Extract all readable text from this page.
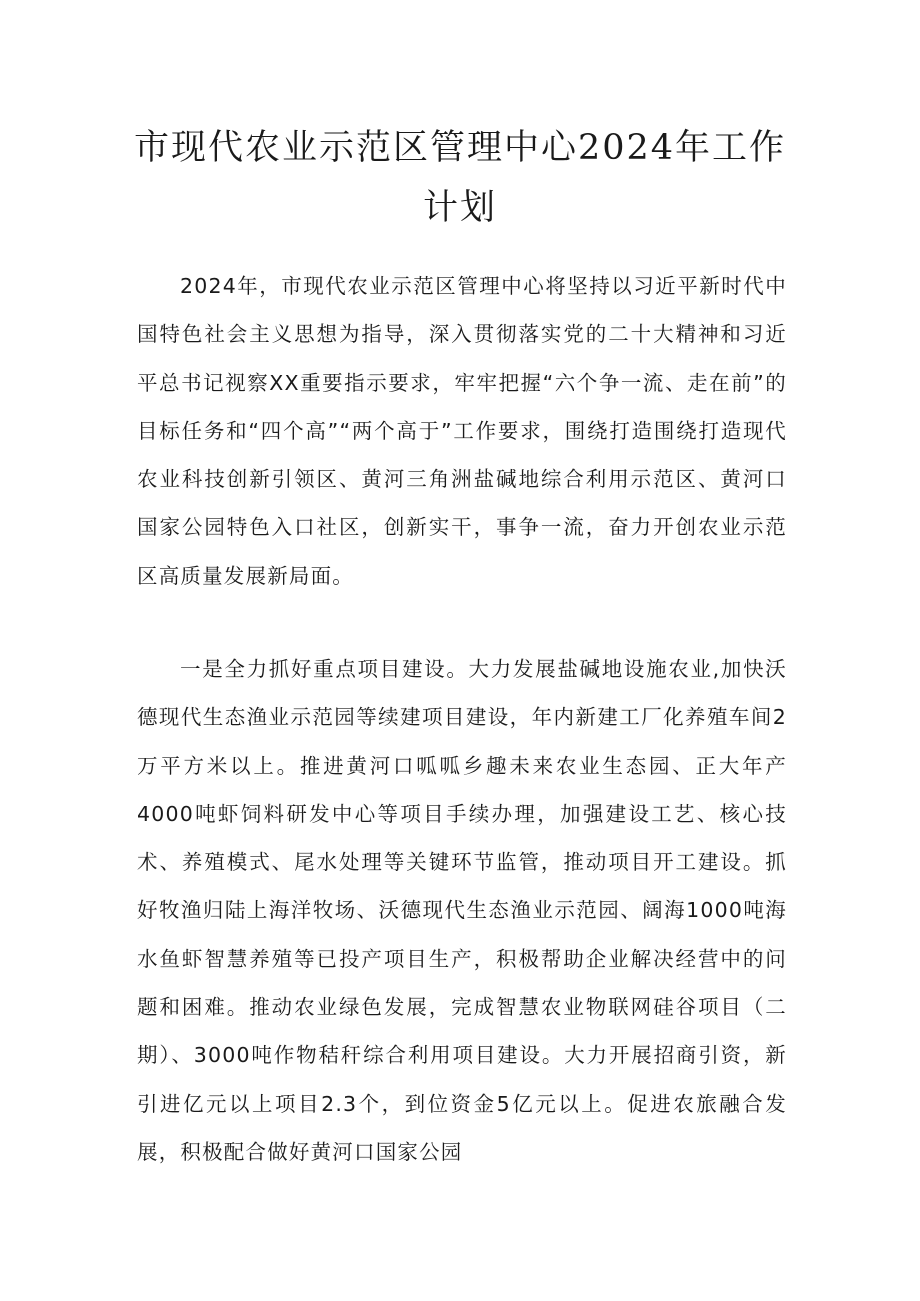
市现代农业示范区管理中心2024年工作计划

2024年，市现代农业示范区管理中心将坚持以习近平新时代中国特色社会主义思想为指导，深入贯彻落实党的二十大精神和习近平总书记视察XX重要指示要求，牢牢把握“六个争一流、走在前”的目标任务和“四个高”“两个高于”工作要求，围绕打造围绕打造现代农业科技创新引领区、黄河三角洲盐碱地综合利用示范区、黄河口国家公园特色入口社区，创新实干，事争一流，奋力开创农业示范区高质量发展新局面。

一是全力抓好重点项目建设。大力发展盐碱地设施农业,加快沃德现代生态渔业示范园等续建项目建设，年内新建工厂化养殖车间2万平方米以上。推进黄河口呱呱乡趣未来农业生态园、正大年产4000吨虾饲料研发中心等项目手续办理，加强建设工艺、核心技术、养殖模式、尾水处理等关键环节监管，推动项目开工建设。抓好牧渔归陆上海洋牧场、沃德现代生态渔业示范园、阔海1000吨海水鱼虾智慧养殖等已投产项目生产，积极帮助企业解决经营中的问题和困难。推动农业绿色发展，完成智慧农业物联网硅谷项目（二期）、3000吨作物秸秆综合利用项目建设。大力开展招商引资，新引进亿元以上项目2.3个，到位资金5亿元以上。促进农旅融合发展，积极配合做好黄河口国家公园
